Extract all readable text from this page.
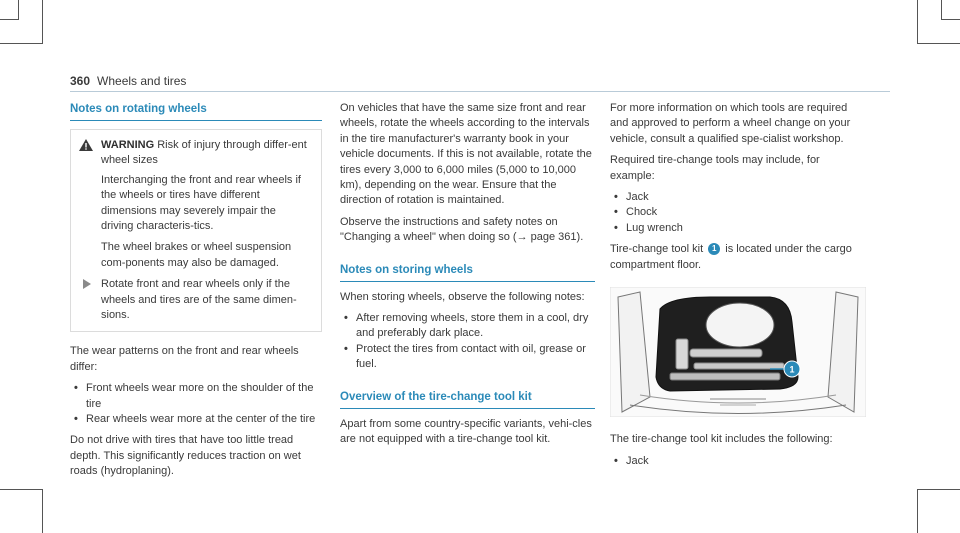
360 Wheels and tires
Notes on rotating wheels
WARNING Risk of injury through differ-ent wheel sizes

Interchanging the front and rear wheels if the wheels or tires have different dimensions may severely impair the driving characteris-tics.

The wheel brakes or wheel suspension com-ponents may also be damaged.

Rotate front and rear wheels only if the wheels and tires are of the same dimen-sions.

The wear patterns on the front and rear wheels differ:

• Front wheels wear more on the shoulder of the tire
• Rear wheels wear more at the center of the tire

Do not drive with tires that have too little tread depth. This significantly reduces traction on wet roads (hydroplaning).

On vehicles that have the same size front and rear wheels, rotate the wheels according to the intervals in the tire manufacturer's warranty book in your vehicle documents. If this is not available, rotate the tires every 3,000 to 6,000 miles (5,000 to 10,000 km), depending on the wear. Ensure that the direction of rotation is maintained.

Observe the instructions and safety notes on "Changing a wheel" when doing so (→ page 361).

Notes on storing wheels

When storing wheels, observe the following notes:

• After removing wheels, store them in a cool, dry and preferably dark place.
• Protect the tires from contact with oil, grease or fuel.
Overview of the tire-change tool kit

Apart from some country-specific variants, vehi-cles are not equipped with a tire-change tool kit.

For more information on which tools are required and approved to perform a wheel change on your vehicle, consult a qualified spe-cialist workshop.

Required tire-change tools may include, for example:

• Jack
• Chock
• Lug wrench

Tire-change tool kit 1 is located under the cargo compartment floor.

1

The tire-change tool kit includes the following:

• Jack
